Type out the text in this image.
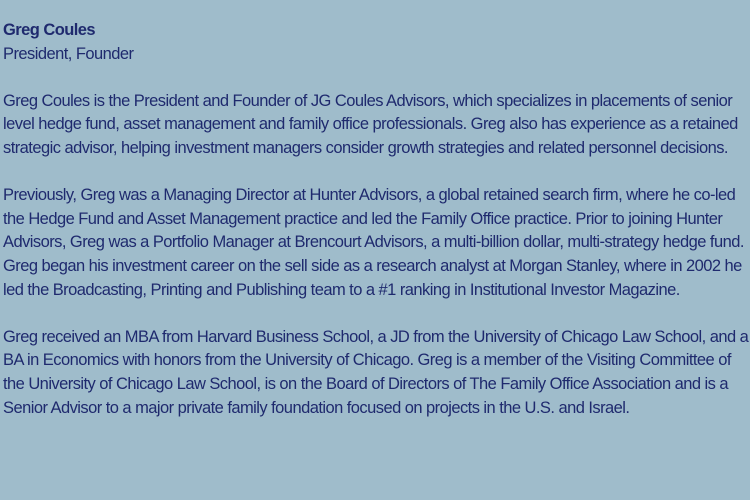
Greg Coules
President, Founder

Greg Coules is the President and Founder of JG Coules Advisors, which specializes in placements of senior level hedge fund, asset management and family office professionals. Greg also has experience as a retained strategic advisor, helping investment managers consider growth strategies and related personnel decisions.

Previously, Greg was a Managing Director at Hunter Advisors, a global retained search firm, where he co-led the Hedge Fund and Asset Management practice and led the Family Office practice. Prior to joining Hunter Advisors, Greg was a Portfolio Manager at Brencourt Advisors, a multi-billion dollar, multi-strategy hedge fund. Greg began his investment career on the sell side as a research analyst at Morgan Stanley, where in 2002 he led the Broadcasting, Printing and Publishing team to a #1 ranking in Institutional Investor Magazine.

Greg received an MBA from Harvard Business School, a JD from the University of Chicago Law School, and a BA in Economics with honors from the University of Chicago. Greg is a member of the Visiting Committee of the University of Chicago Law School, is on the Board of Directors of The Family Office Association and is a Senior Advisor to a major private family foundation focused on projects in the U.S. and Israel.
